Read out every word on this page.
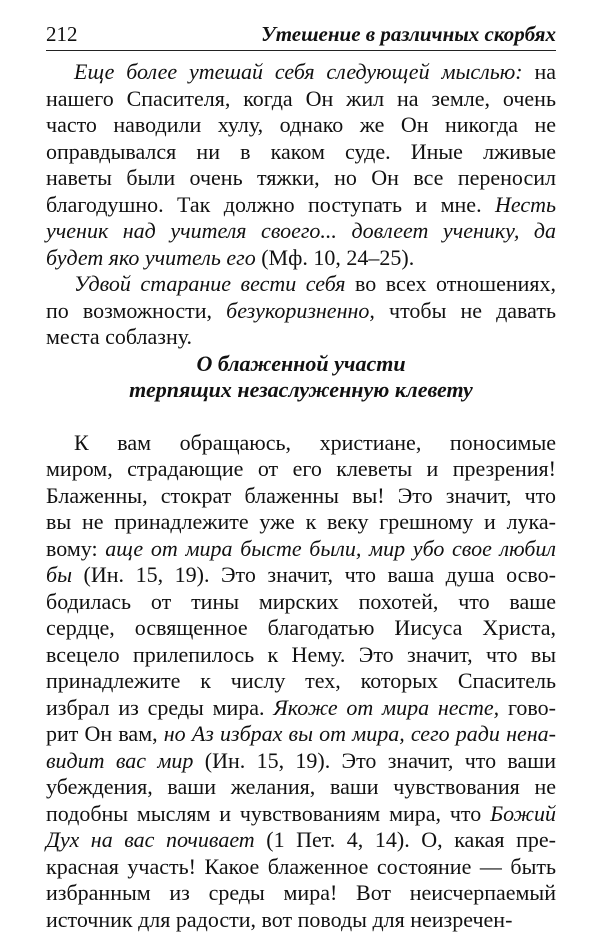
212	Утешение в различных скорбях
Еще более утешай себя следующей мыслью: на
нашего Спасителя, когда Он жил на земле, очень
часто наводили хулу, однако же Он никогда не
оправдывался ни в каком суде. Иные лживые
наветы были очень тяжки, но Он все переносил
благодушно. Так должно поступать и мне. Несть
ученик над учителя своего... довлеет ученику, да
будет яко учитель его (Мф. 10, 24–25).
Удвой старание вести себя во всех отношениях,
по возможности, безукоризненно, чтобы не давать
места соблазну.
О блаженной участи
терпящих незаслуженную клевету
К вам обращаюсь, христиане, поносимые
миром, страдающие от его клеветы и презрения!
Блаженны, стократ блаженны вы! Это значит, что
вы не принадлежите уже к веку грешному и лука-
вому: аще от мира бысте были, мир убо свое любил
бы (Ин. 15, 19). Это значит, что ваша душа осво-
бодилась от тины мирских похотей, что ваше
сердце, освященное благодатью Иисуса Христа,
всецело прилепилось к Нему. Это значит, что вы
принадлежите к числу тех, которых Спаситель
избрал из среды мира. Якоже от мира несте, гово-
рит Он вам, но Аз избрах вы от мира, сего ради нена-
видит вас мир (Ин. 15, 19). Это значит, что ваши
убеждения, ваши желания, ваши чувствования не
подобны мыслям и чувствованиям мира, что Божий
Дух на вас почивает (1 Пет. 4, 14). О, какая пре-
красная участь! Какое блаженное состояние — быть
избранным из среды мира! Вот неисчерпаемый
источник для радости, вот поводы для неизречен-
